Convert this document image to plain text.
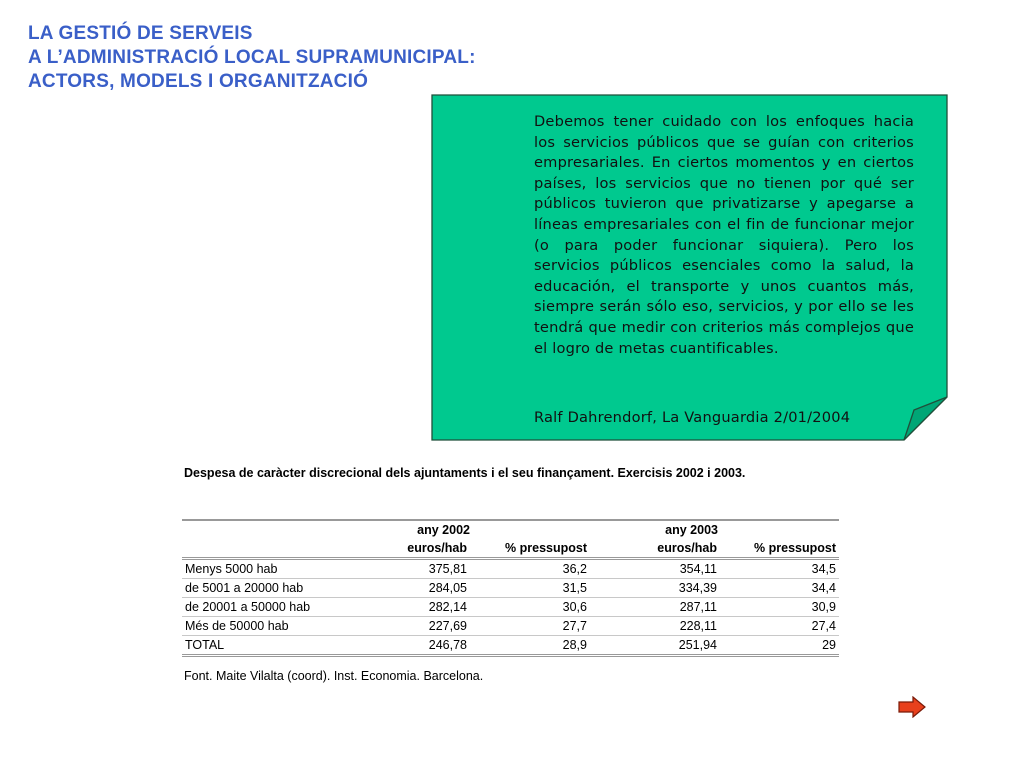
LA GESTIÓ DE SERVEIS
A L’ADMINISTRACIÓ LOCAL SUPRAMUNICIPAL:
ACTORS, MODELS I ORGANITZACIÓ
Debemos tener cuidado con los enfoques hacia los servicios públicos que se guían con criterios empresariales. En ciertos momentos y en ciertos países, los servicios que no tienen por qué ser públicos tuvieron que privatizarse y apegarse a líneas empresariales con el fin de funcionar mejor (o para poder funcionar siquiera). Pero los servicios públicos esenciales como la salud, la educación, el transporte y unos cuantos más, siempre serán sólo eso, servicios, y por ello se les tendrá que medir con criterios más complejos que el logro de metas cuantificables.
Ralf Dahrendorf, La Vanguardia 2/01/2004
Despesa de caràcter discrecional dels ajuntaments i el seu finançament. Exercisis 2002 i 2003.
	any 2002		any 2003	
	euros/hab	% pressupost	euros/hab	% pressupost
Menys 5000 hab	375,81	36,2	354,11	34,5
de 5001 a 20000 hab	284,05	31,5	334,39	34,4
de 20001 a 50000 hab	282,14	30,6	287,11	30,9
Més de 50000 hab	227,69	27,7	228,11	27,4
TOTAL	246,78	28,9	251,94	29
Font. Maite Vilalta (coord). Inst. Economia. Barcelona.
